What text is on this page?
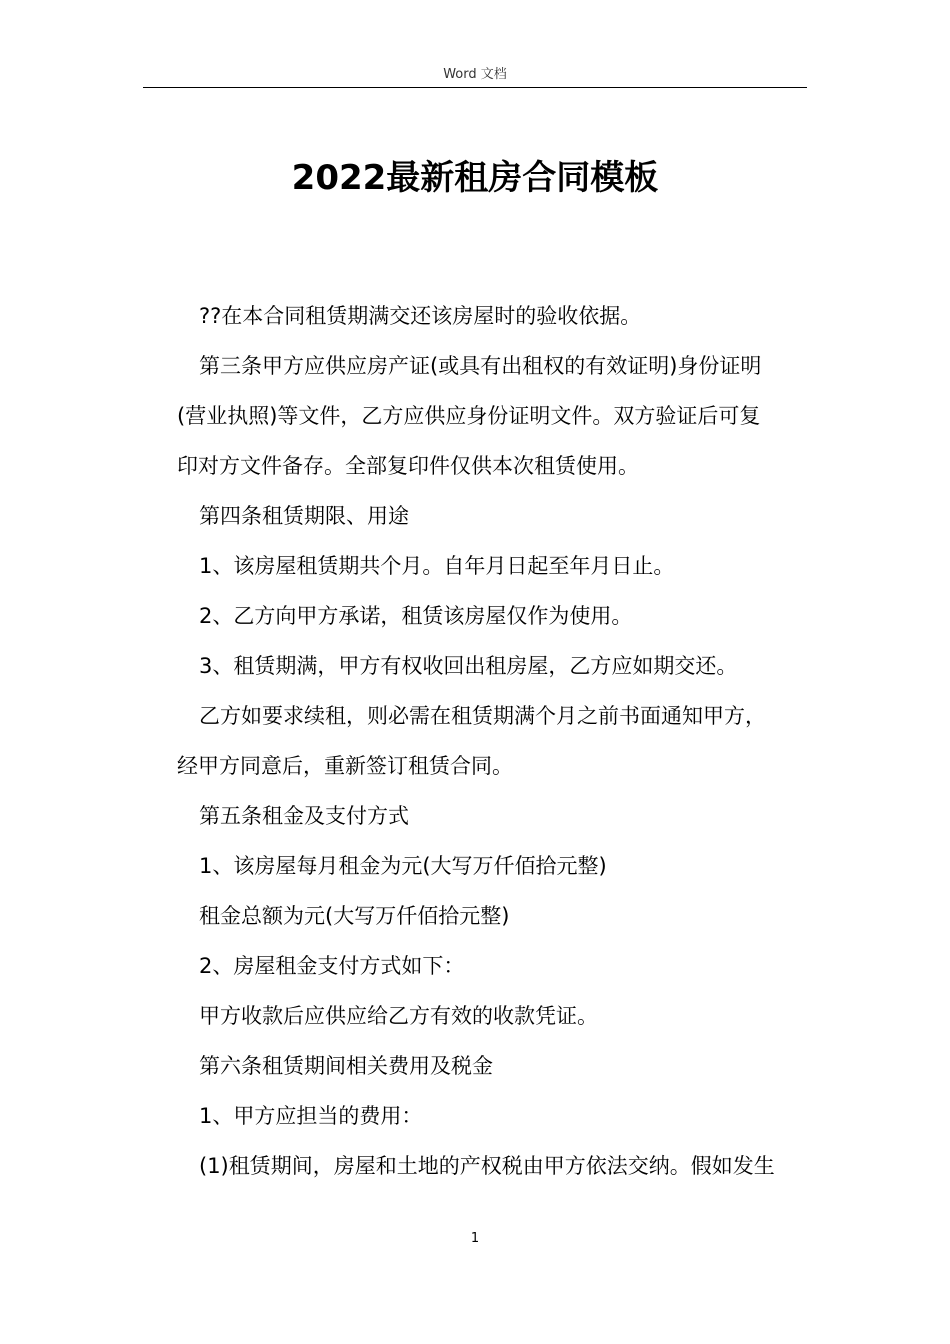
Word 文档
2022最新租房合同模板

??在本合同租赁期满交还该房屋时的验收依据。

第三条甲方应供应房产证(或具有出租权的有效证明)身份证明

(营业执照)等文件，乙方应供应身份证明文件。双方验证后可复

印对方文件备存。全部复印件仅供本次租赁使用。

第四条租赁期限、用途

1、该房屋租赁期共个月。自年月日起至年月日止。

2、乙方向甲方承诺，租赁该房屋仅作为使用。

3、租赁期满，甲方有权收回出租房屋，乙方应如期交还。

乙方如要求续租，则必需在租赁期满个月之前书面通知甲方，

经甲方同意后，重新签订租赁合同。

第五条租金及支付方式

1、该房屋每月租金为元(大写万仟佰拾元整)

租金总额为元(大写万仟佰拾元整)

2、房屋租金支付方式如下：

甲方收款后应供应给乙方有效的收款凭证。

第六条租赁期间相关费用及税金

1、甲方应担当的费用：

(1)租赁期间，房屋和土地的产权税由甲方依法交纳。假如发生

1
